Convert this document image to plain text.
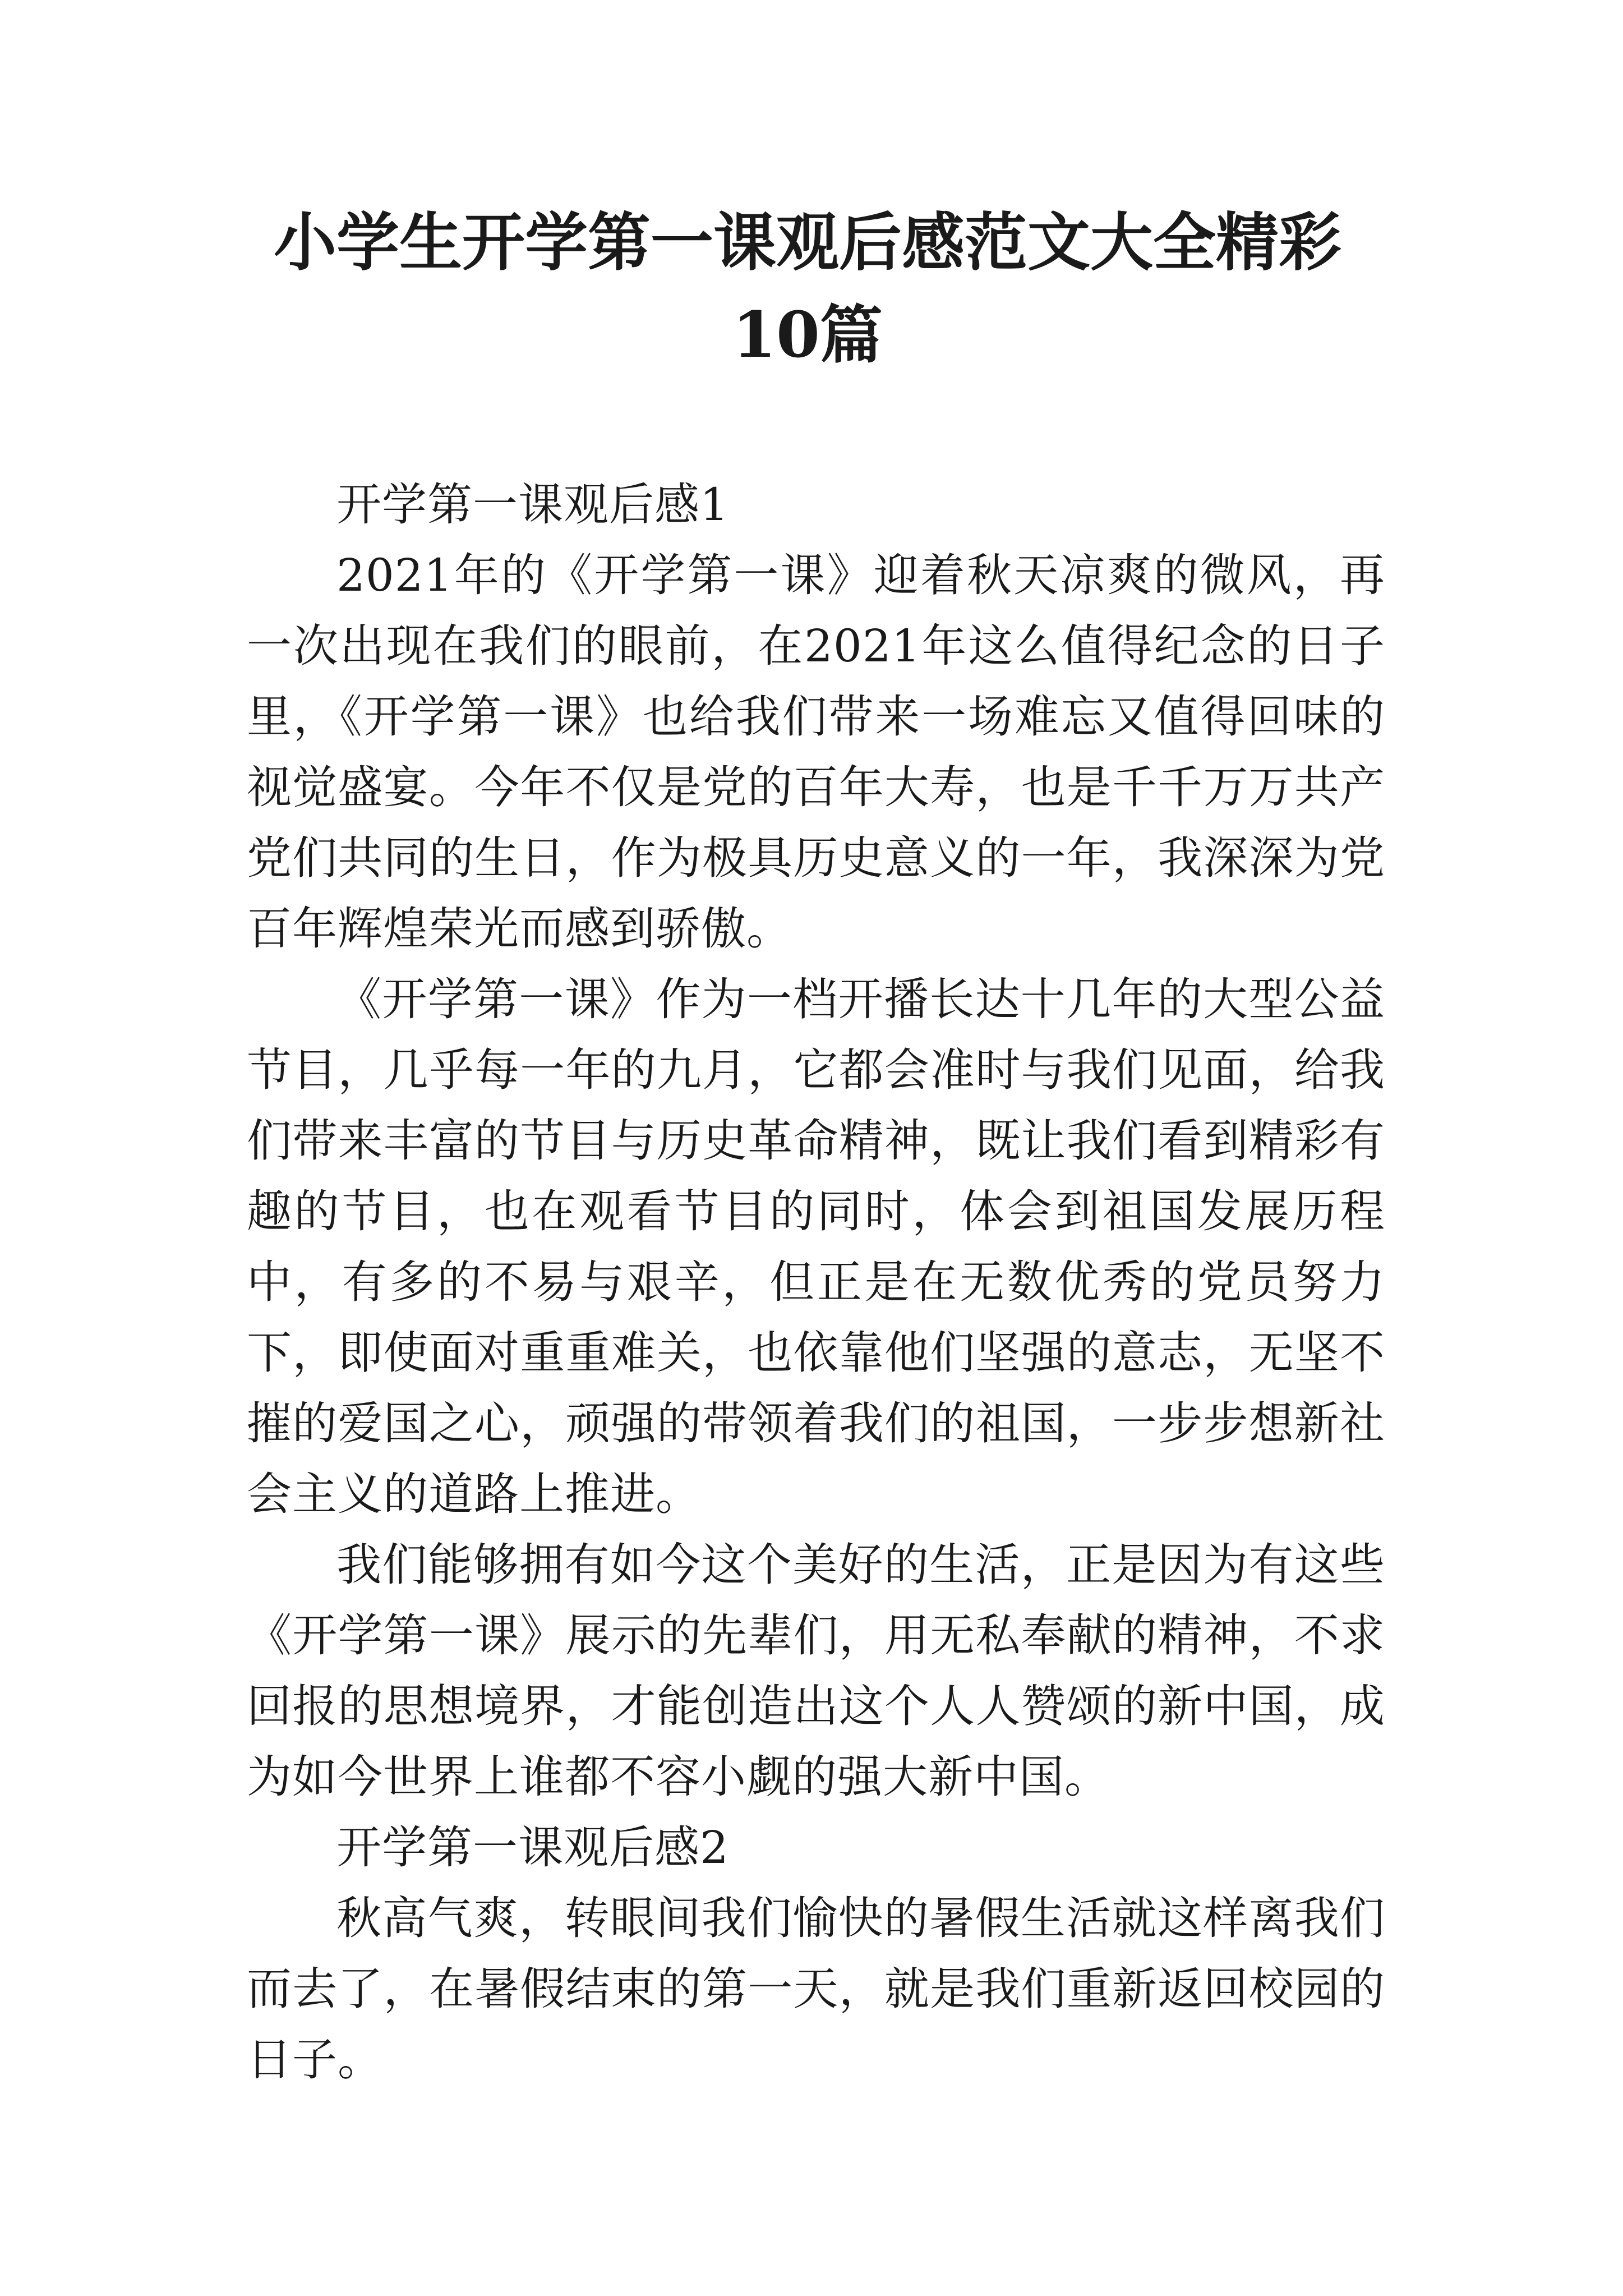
小学生开学第一课观后感范文大全精彩10篇

开学第一课观后感1

2021年的《开学第一课》迎着秋天凉爽的微风，再一次出现在我们的眼前，在2021年这么值得纪念的日子里，《开学第一课》也给我们带来一场难忘又值得回味的视觉盛宴。今年不仅是党的百年大寿，也是千千万万共产党们共同的生日，作为极具历史意义的一年，我深深为党百年辉煌荣光而感到骄傲。

《开学第一课》作为一档开播长达十几年的大型公益节目，几乎每一年的九月，它都会准时与我们见面，给我们带来丰富的节目与历史革命精神，既让我们看到精彩有趣的节目，也在观看节目的同时，体会到祖国发展历程中，有多的不易与艰辛，但正是在无数优秀的党员努力下，即使面对重重难关，也依靠他们坚强的意志，无坚不摧的爱国之心，顽强的带领着我们的祖国，一步步想新社会主义的道路上推进。

我们能够拥有如今这个美好的生活，正是因为有这些《开学第一课》展示的先辈们，用无私奉献的精神，不求回报的思想境界，才能创造出这个人人赞颂的新中国，成为如今世界上谁都不容小觑的强大新中国。

开学第一课观后感2

秋高气爽，转眼间我们愉快的暑假生活就这样离我们而去了，在暑假结束的第一天，就是我们重新返回校园的日子。
